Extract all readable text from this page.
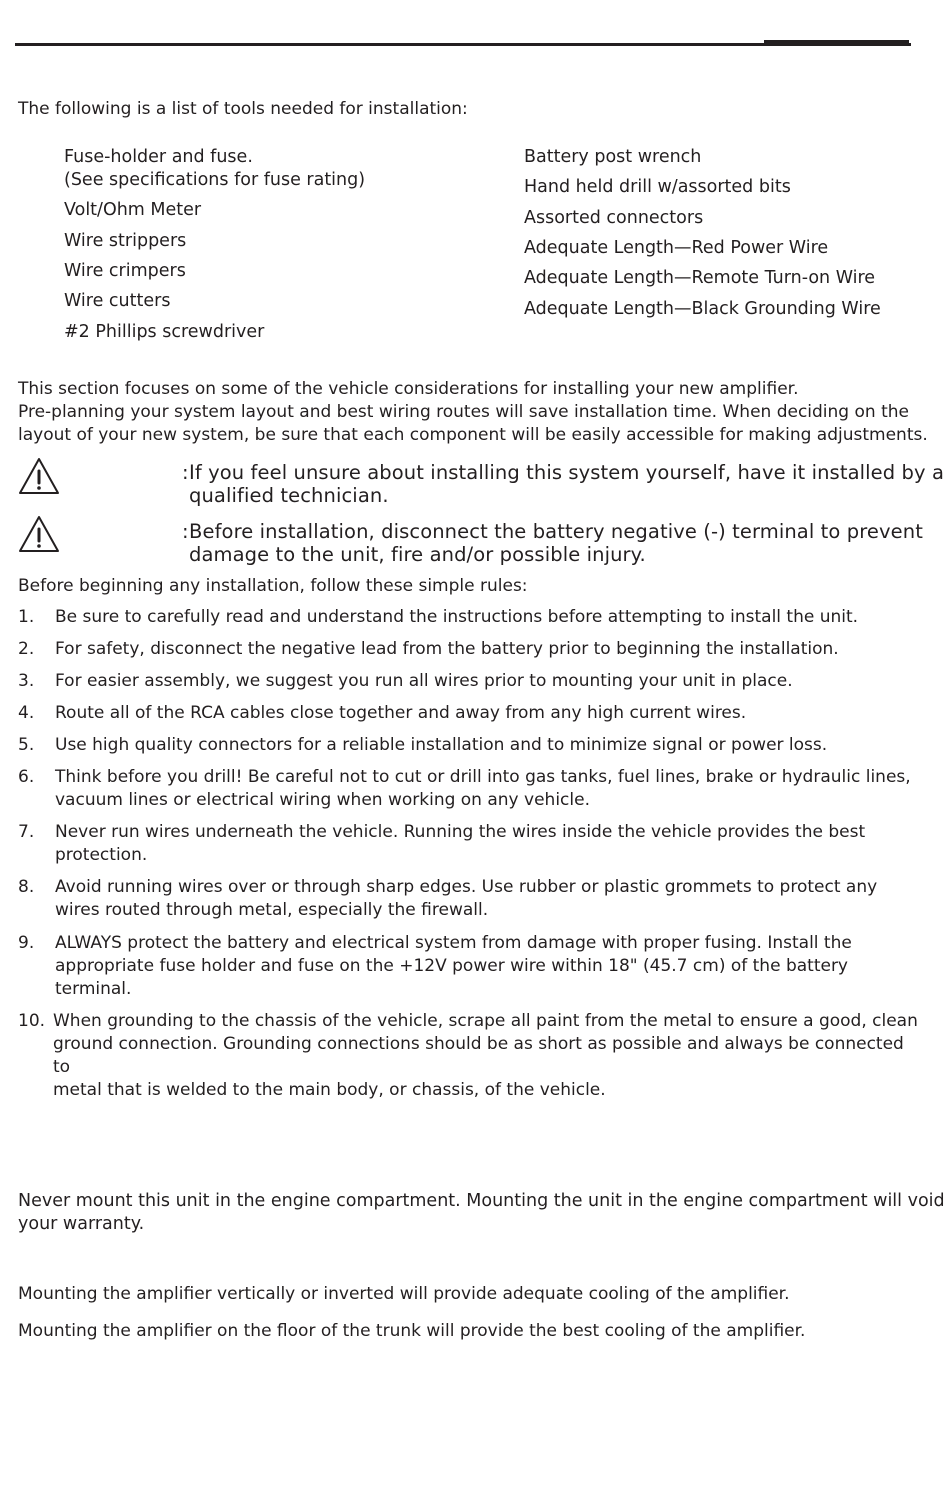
The following is a list of tools needed for installation:
Fuse-holder and fuse.
(See specifications for fuse rating)
Volt/Ohm Meter
Wire strippers
Wire crimpers
Wire cutters
#2 Phillips screwdriver
Battery post wrench
Hand held drill w/assorted bits
Assorted connectors
Adequate Length—Red Power Wire
Adequate Length—Remote Turn-on Wire
Adequate Length—Black Grounding Wire
This section focuses on some of the vehicle considerations for installing your new amplifier.
Pre-planning your system layout and best wiring routes will save installation time. When deciding on the
layout of your new system, be sure that each component will be easily accessible for making adjustments.
: If you feel unsure about installing this system yourself, have it installed by a
qualified technician.
: Before installation, disconnect the battery negative (-) terminal to prevent
damage to the unit, fire and/or possible injury.
Before beginning any installation, follow these simple rules:
1. Be sure to carefully read and understand the instructions before attempting to install the unit.
2. For safety, disconnect the negative lead from the battery prior to beginning the installation.
3. For easier assembly, we suggest you run all wires prior to mounting your unit in place.
4. Route all of the RCA cables close together and away from any high current wires.
5. Use high quality connectors for a reliable installation and to minimize signal or power loss.
6. Think before you drill! Be careful not to cut or drill into gas tanks, fuel lines, brake or hydraulic lines,
vacuum lines or electrical wiring when working on any vehicle.
7. Never run wires underneath the vehicle. Running the wires inside the vehicle provides the best
protection.
8. Avoid running wires over or through sharp edges. Use rubber or plastic grommets to protect any
wires routed through metal, especially the firewall.
9. ALWAYS protect the battery and electrical system from damage with proper fusing. Install the
appropriate fuse holder and fuse on the +12V power wire within 18" (45.7 cm) of the battery
terminal.
10. When grounding to the chassis of the vehicle, scrape all paint from the metal to ensure a good, clean
ground connection. Grounding connections should be as short as possible and always be connected to
metal that is welded to the main body, or chassis, of the vehicle.
Never mount this unit in the engine compartment. Mounting the unit in the engine compartment will void
your warranty.
Mounting the amplifier vertically or inverted will provide adequate cooling of the amplifier.
Mounting the amplifier on the floor of the trunk will provide the best cooling of the amplifier.
